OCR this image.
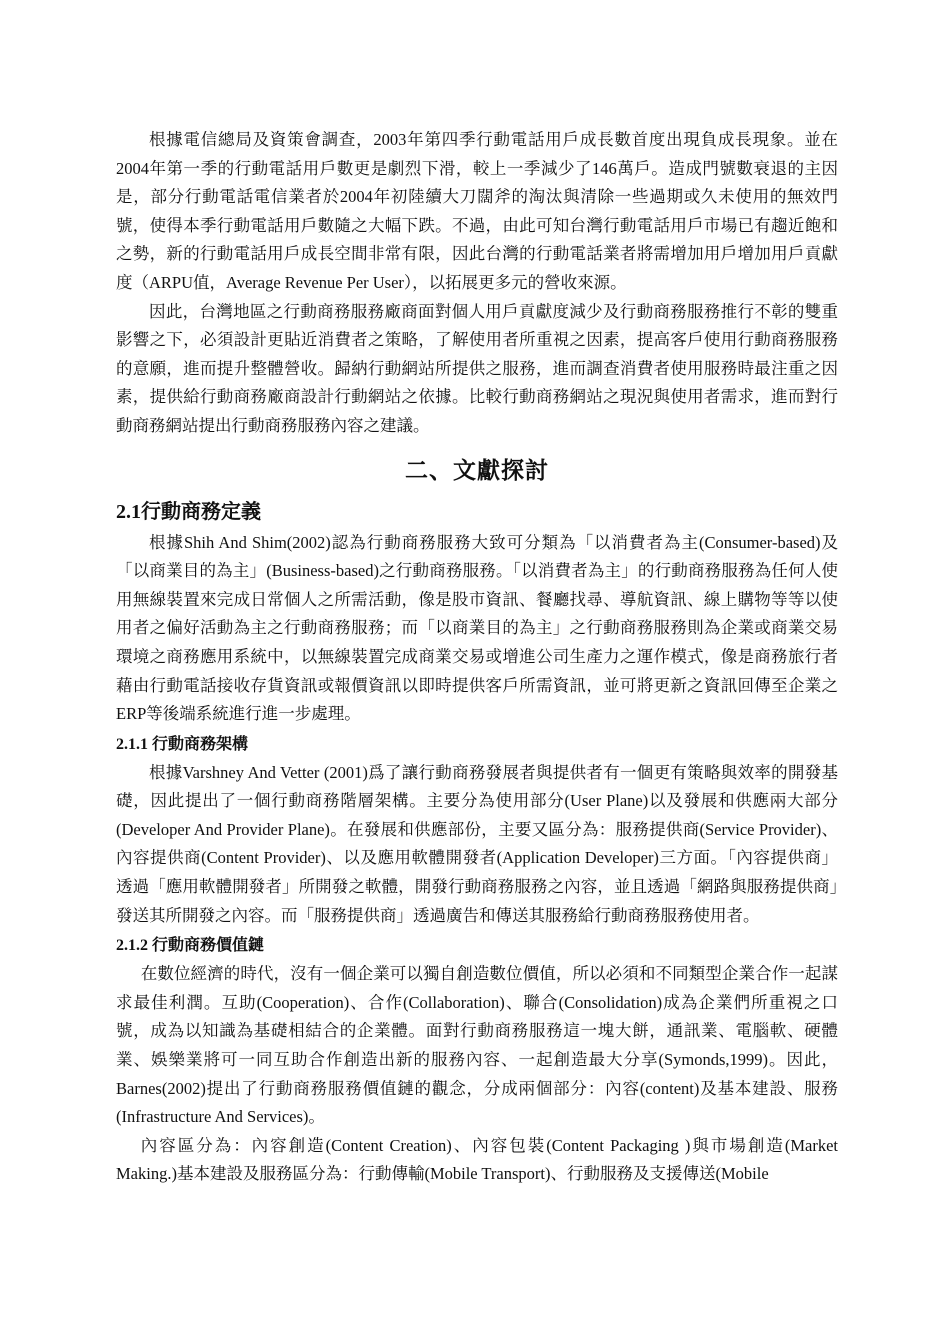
根據電信總局及資策會調查，2003年第四季行動電話用戶成長數首度出現負成長現象。並在2004年第一季的行動電話用戶數更是劇烈下滑，較上一季減少了146萬戶。造成門號數衰退的主因是，部分行動電話電信業者於2004年初陸續大刀闊斧的淘汰與清除一些過期或久未使用的無效門號，使得本季行動電話用戶數隨之大幅下跌。不過，由此可知台灣行動電話用戶市場已有趨近飽和之勢，新的行動電話用戶成長空間非常有限，因此台灣的行動電話業者將需增加用戶增加用戶貢獻度（ARPU值，Average Revenue Per User），以拓展更多元的營收來源。

因此，台灣地區之行動商務服務廠商面對個人用戶貢獻度減少及行動商務服務推行不彰的雙重影響之下，必須設計更貼近消費者之策略，了解使用者所重視之因素，提高客戶使用行動商務服務的意願，進而提升整體營收。歸納行動網站所提供之服務，進而調查消費者使用服務時最注重之因素，提供給行動商務廠商設計行動網站之依據。比較行動商務網站之現況與使用者需求，進而對行動商務網站提出行動商務服務內容之建議。

二、文獻探討
2.1行動商務定義

根據Shih And Shim(2002)認為行動商務服務大致可分類為「以消費者為主(Consumer-based)及「以商業目的為主」(Business-based)之行動商務服務。「以消費者為主」的行動商務服務為任何人使用無線裝置來完成日常個人之所需活動，像是股市資訊、餐廳找尋、導航資訊、線上購物等等以使用者之偏好活動為主之行動商務服務；而「以商業目的為主」之行動商務服務則為企業或商業交易環境之商務應用系統中，以無線裝置完成商業交易或增進公司生產力之運作模式，像是商務旅行者藉由行動電話接收存貨資訊或報價資訊以即時提供客戶所需資訊，並可將更新之資訊回傳至企業之ERP等後端系統進行進一步處理。

2.1.1 行動商務架構

根據Varshney And Vetter (2001)爲了讓行動商務發展者與提供者有一個更有策略與效率的開發基礎，因此提出了一個行動商務階層架構。主要分為使用部分(User Plane)以及發展和供應兩大部分(Developer And Provider Plane)。在發展和供應部份，主要又區分為：服務提供商(Service Provider)、內容提供商(Content Provider)、以及應用軟體開發者(Application Developer)三方面。「內容提供商」透過「應用軟體開發者」所開發之軟體，開發行動商務服務之內容，並且透過「網路與服務提供商」發送其所開發之內容。而「服務提供商」透過廣告和傳送其服務給行動商務服務使用者。

2.1.2 行動商務價值鏈

在數位經濟的時代，沒有一個企業可以獨自創造數位價值，所以必須和不同類型企業合作一起謀求最佳利潤。互助(Cooperation)、合作(Collaboration)、聯合(Consolidation)成為企業們所重視之口號，成為以知識為基礎相結合的企業體。面對行動商務服務這一塊大餅，通訊業、電腦軟、硬體業、娛樂業將可一同互助合作創造出新的服務內容、一起創造最大分享(Symonds,1999)。因此，Barnes(2002)提出了行動商務服務價值鏈的觀念，分成兩個部分：內容(content)及基本建設、服務(Infrastructure And Services)。

內容區分為：內容創造(Content Creation)、內容包裝(Content Packaging )與市場創造(Market Making.)基本建設及服務區分為：行動傳輸(Mobile Transport)、行動服務及支援傳送(Mobile
